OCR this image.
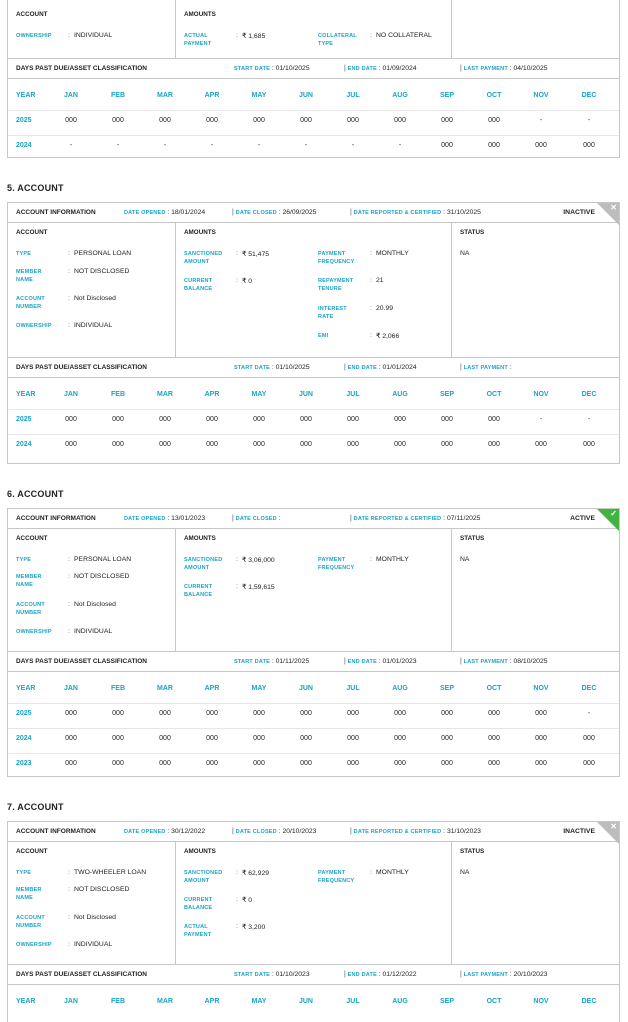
ACCOUNT
OWNERSHIP	: INDIVIDUAL
AMOUNTS
ACTUAL PAYMENT
: ₹ 1,685	COLLATERAL TYPE
: NO COLLATERAL
DAYS PAST DUE/ASSET CLASSIFICATION	START DATE : 01/10/2025	| END DATE : 01/09/2024	| LAST PAYMENT : 04/10/2025
YEAR	JAN	FEB	MAR	APR	MAY	JUN	JUL	AUG	SEP	OCT	NOV	DEC
2025	000	000	000	000	000	000	000	000	000	000	-	-
2024	-	-	-	-	-	-	-	-	000	000	000	000
5. ACCOUNT
ACCOUNT INFORMATION	DATE OPENED : 18/01/2024	| DATE CLOSED : 26/09/2025	| DATE REPORTED & CERTIFIED : 31/10/2025	INACTIVE
✕
ACCOUNT
TYPE	: PERSONAL LOAN
MEMBER NAME
: NOT DISCLOSED
ACCOUNT NUMBER
: Not Disclosed
OWNERSHIP	: INDIVIDUAL
AMOUNTS
SANCTIONED AMOUNT
: ₹ 51,475
CURRENT BALANCE
: ₹ 0
PAYMENT FREQUENCY
: MONTHLY
REPAYMENT TENURE
: 21
INTEREST RATE
: 20.99
EMI	: ₹ 2,066
STATUS
NA
DAYS PAST DUE/ASSET CLASSIFICATION	START DATE : 01/10/2025	| END DATE : 01/01/2024	| LAST PAYMENT :
YEAR	JAN	FEB	MAR	APR	MAY	JUN	JUL	AUG	SEP	OCT	NOV	DEC
2025	000	000	000	000	000	000	000	000	000	000	-	-
2024	000	000	000	000	000	000	000	000	000	000	000	000
6. ACCOUNT
ACCOUNT INFORMATION	DATE OPENED : 13/01/2023	| DATE CLOSED :	| DATE REPORTED & CERTIFIED : 07/11/2025	ACTIVE
✓
ACCOUNT
TYPE	: PERSONAL LOAN
MEMBER NAME
: NOT DISCLOSED
ACCOUNT NUMBER
: Not Disclosed
OWNERSHIP	: INDIVIDUAL
AMOUNTS
SANCTIONED AMOUNT
: ₹ 3,06,000
CURRENT BALANCE
: ₹ 1,59,615
PAYMENT FREQUENCY
: MONTHLY
STATUS
NA
DAYS PAST DUE/ASSET CLASSIFICATION	START DATE : 01/11/2025	| END DATE : 01/01/2023	| LAST PAYMENT : 08/10/2025
YEAR	JAN	FEB	MAR	APR	MAY	JUN	JUL	AUG	SEP	OCT	NOV	DEC
2025	000	000	000	000	000	000	000	000	000	000	000	-
2024	000	000	000	000	000	000	000	000	000	000	000	000
2023	000	000	000	000	000	000	000	000	000	000	000	000
7. ACCOUNT
ACCOUNT INFORMATION	DATE OPENED : 30/12/2022	| DATE CLOSED : 20/10/2023	| DATE REPORTED & CERTIFIED : 31/10/2023	INACTIVE
✕
ACCOUNT
TYPE	: TWO-WHEELER LOAN
MEMBER NAME
: NOT DISCLOSED
ACCOUNT NUMBER
: Not Disclosed
OWNERSHIP	: INDIVIDUAL
AMOUNTS
SANCTIONED AMOUNT
: ₹ 62,929
CURRENT BALANCE
: ₹ 0
ACTUAL PAYMENT
: ₹ 3,200
PAYMENT FREQUENCY
: MONTHLY
STATUS
NA
DAYS PAST DUE/ASSET CLASSIFICATION	START DATE : 01/10/2023	| END DATE : 01/12/2022	| LAST PAYMENT : 20/10/2023
YEAR	JAN	FEB	MAR	APR	MAY	JUN	JUL	AUG	SEP	OCT	NOV	DEC
